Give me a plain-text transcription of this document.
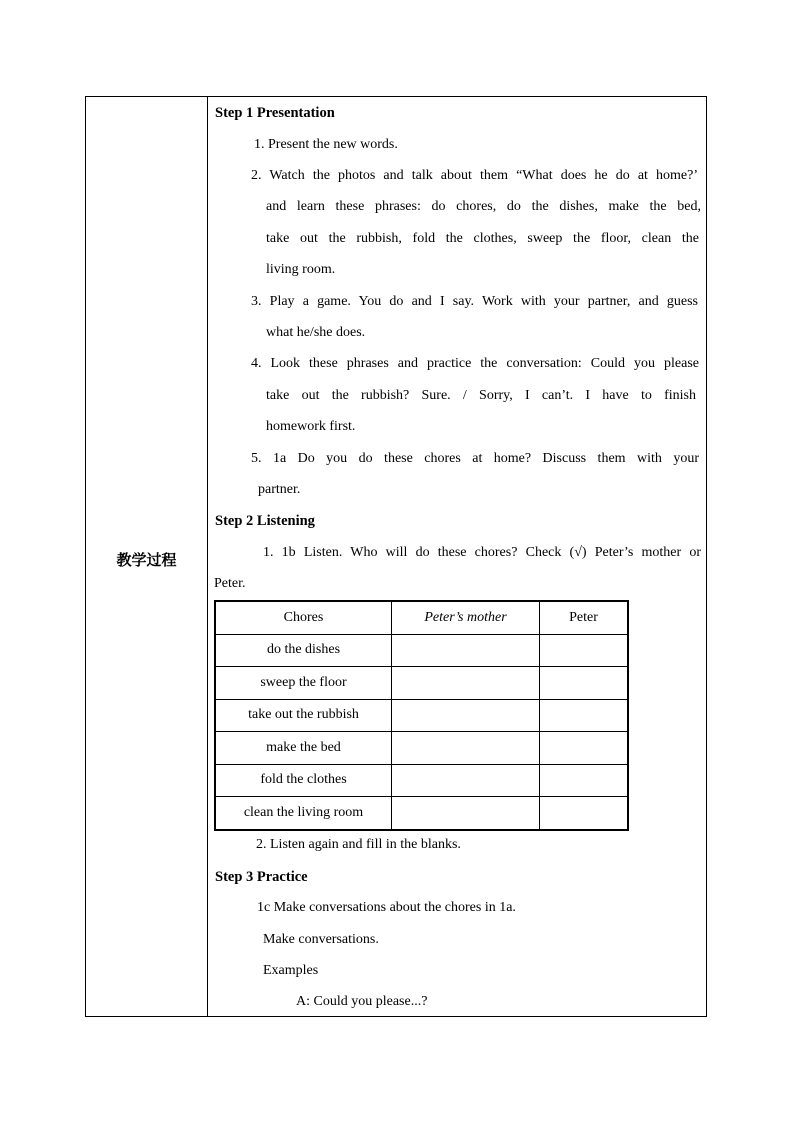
教学过程
Step 1 Presentation
1. Present the new words.
2. Watch the photos and talk about them “What does he do at home?’
and learn these phrases: do chores, do the dishes, make the bed,
take out the rubbish, fold the clothes, sweep the floor, clean the
living room.
3. Play a game. You do and I say. Work with your partner, and guess
what he/she does.
4. Look these phrases and practice the conversation: Could you please
take out the rubbish? Sure. / Sorry, I can’t. I have to finish
homework first.
5. 1a Do you do these chores at home? Discuss them with your
partner.
Step 2 Listening
1. 1b Listen. Who will do these chores? Check (√) Peter’s mother or
Peter.
Chores	Peter’s mother	Peter
do the dishes		
sweep the floor		
take out the rubbish		
make the bed		
fold the clothes		
clean the living room		
2. Listen again and fill in the blanks.
Step 3 Practice
1c Make conversations about the chores in 1a.
Make conversations.
Examples
A: Could you please...?
